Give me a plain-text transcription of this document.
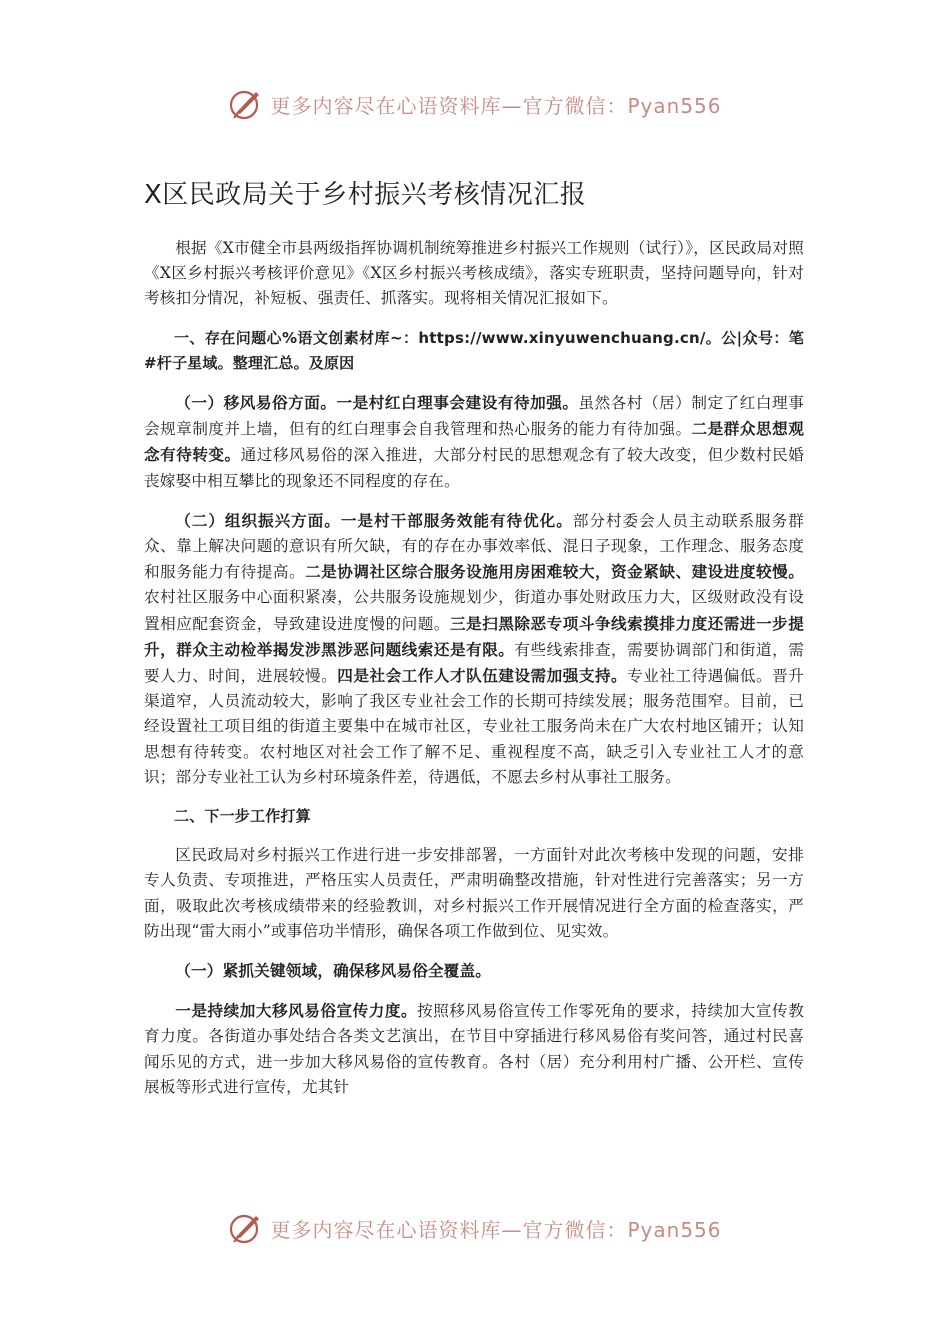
更多内容尽在心语资料库—官方微信：Pyan556
X区民政局关于乡村振兴考核情况汇报

根据《X市健全市县两级指挥协调机制统筹推进乡村振兴工作规则（试行）》，区民政局对照《X区乡村振兴考核评价意见》《X区乡村振兴考核成绩》，落实专班职责，坚持问题导向，针对考核扣分情况，补短板、强责任、抓落实。现将相关情况汇报如下。

一、存在问题心%语文创素材库~：https://www.xinyuwenchuang.cn/。公|众号：笔#杆子星域。整理汇总。及原因

（一）移风易俗方面。一是村红白理事会建设有待加强。虽然各村（居）制定了红白理事会规章制度并上墙，但有的红白理事会自我管理和热心服务的能力有待加强。二是群众思想观念有待转变。通过移风易俗的深入推进，大部分村民的思想观念有了较大改变，但少数村民婚丧嫁娶中相互攀比的现象还不同程度的存在。

（二）组织振兴方面。一是村干部服务效能有待优化。部分村委会人员主动联系服务群众、靠上解决问题的意识有所欠缺，有的存在办事效率低、混日子现象，工作理念、服务态度和服务能力有待提高。二是协调社区综合服务设施用房困难较大，资金紧缺、建设进度较慢。农村社区服务中心面积紧凑，公共服务设施规划少，街道办事处财政压力大，区级财政没有设置相应配套资金，导致建设进度慢的问题。三是扫黑除恶专项斗争线索摸排力度还需进一步提升，群众主动检举揭发涉黑涉恶问题线索还是有限。有些线索排查，需要协调部门和街道，需要人力、时间，进展较慢。四是社会工作人才队伍建设需加强支持。专业社工待遇偏低。晋升渠道窄，人员流动较大，影响了我区专业社会工作的长期可持续发展；服务范围窄。目前，已经设置社工项目组的街道主要集中在城市社区，专业社工服务尚未在广大农村地区铺开；认知思想有待转变。农村地区对社会工作了解不足、重视程度不高，缺乏引入专业社工人才的意识；部分专业社工认为乡村环境条件差，待遇低，不愿去乡村从事社工服务。

二、下一步工作打算

区民政局对乡村振兴工作进行进一步安排部署，一方面针对此次考核中发现的问题，安排专人负责、专项推进，严格压实人员责任，严肃明确整改措施，针对性进行完善落实；另一方面，吸取此次考核成绩带来的经验教训，对乡村振兴工作开展情况进行全方面的检查落实，严防出现“雷大雨小”或事倍功半情形，确保各项工作做到位、见实效。

（一）紧抓关键领域，确保移风易俗全覆盖。

一是持续加大移风易俗宣传力度。按照移风易俗宣传工作零死角的要求，持续加大宣传教育力度。各街道办事处结合各类文艺演出，在节目中穿插进行移风易俗有奖问答，通过村民喜闻乐见的方式，进一步加大移风易俗的宣传教育。各村（居）充分利用村广播、公开栏、宣传展板等形式进行宣传，尤其针

更多内容尽在心语资料库—官方微信：Pyan556
